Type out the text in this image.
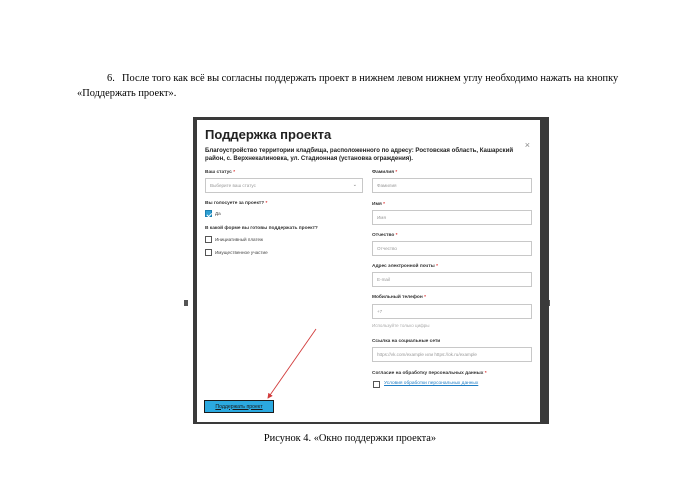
6. После того как всё вы согласны поддержать проект в нижнем левом нижнем углу необходимо нажать на кнопку «Поддержать проект».

Поддержка проекта
×
Благоустройство территории кладбища, расположенного по адресу: Ростовская область, Кашарский район, с. Верхнекалиновка, ул. Стадионная (установка ограждения).
Ваш статус *
Выберите ваш статус	⌄
Вы голосуете за проект? *
Да
В какой форме вы готовы поддержать проект?
Инициативный платеж
Имущественное участие
Фамилия *
Фамилия
Имя *
Имя
Отчество *
Отчество
Адрес электронной почты *
E-mail
Мобильный телефон *
+7
Используйте только цифры
Ссылка на социальные сети
https://vk.com/example или https://ok.ru/example
Согласие на обработку персональных данных *
Условия обработки персональных данных
Поддержать проект
Рисунок 4. «Окно поддержки проекта»
